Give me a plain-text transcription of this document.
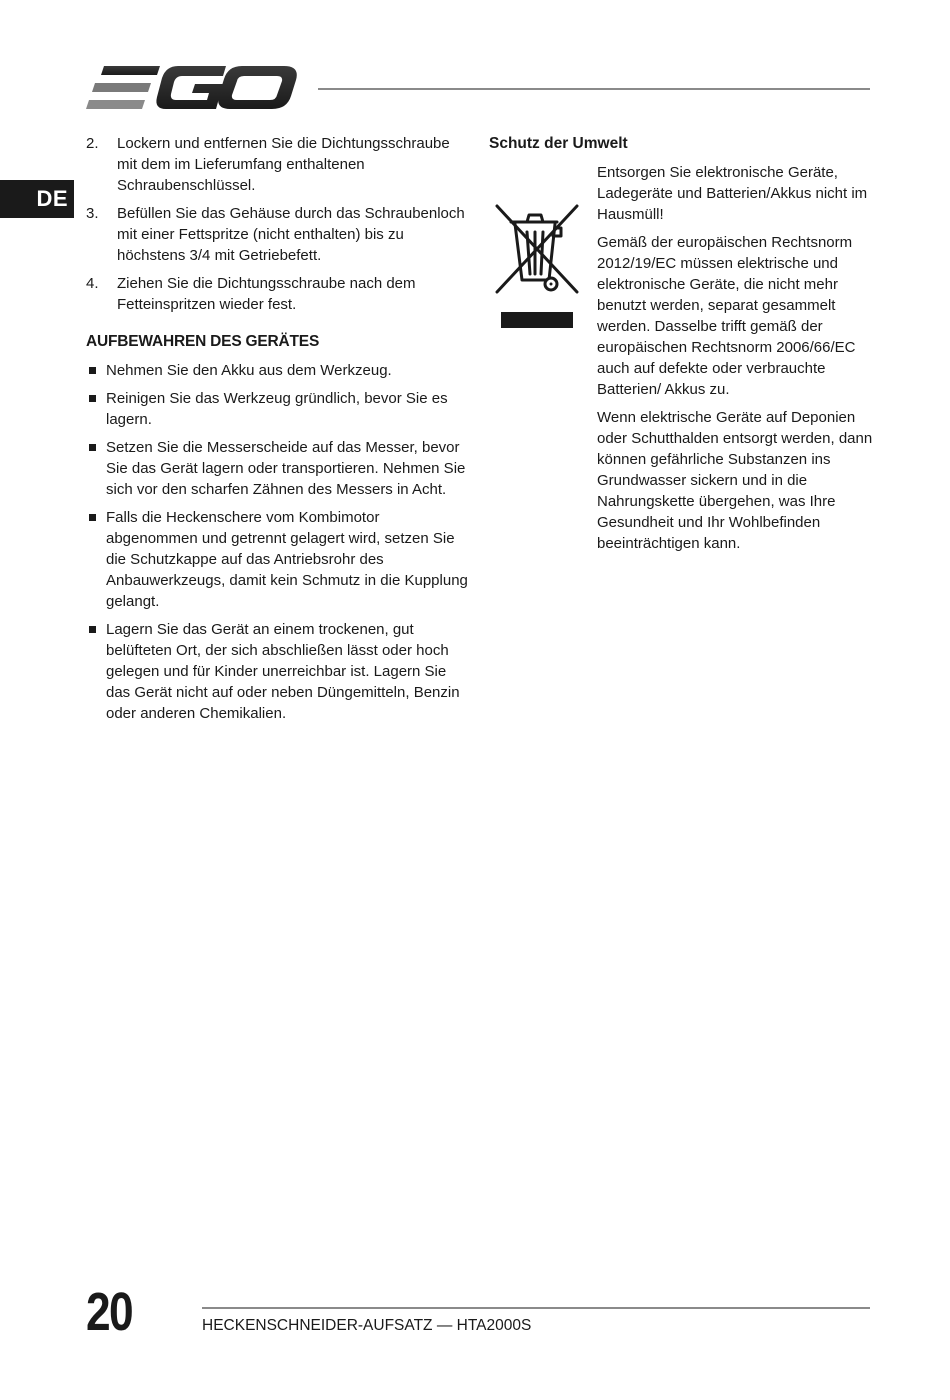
DE
2. Lockern und entfernen Sie die Dichtungsschraube mit dem im Lieferumfang enthaltenen Schraubenschlüssel.
3. Befüllen Sie das Gehäuse durch das Schraubenloch mit einer Fettspritze (nicht enthalten) bis zu höchstens 3/4 mit Getriebefett.
4. Ziehen Sie die Dichtungsschraube nach dem Fetteinspritzen wieder fest.
AUFBEWAHREN DES GERÄTES
Nehmen Sie den Akku aus dem Werkzeug.
Reinigen Sie das Werkzeug gründlich, bevor Sie es lagern.
Setzen Sie die Messerscheide auf das Messer, bevor Sie das Gerät lagern oder transportieren. Nehmen Sie sich vor den scharfen Zähnen des Messers in Acht.
Falls die Heckenschere vom Kombimotor abgenommen und getrennt gelagert wird, setzen Sie die Schutzkappe auf das Antriebsrohr des Anbauwerkzeugs, damit kein Schmutz in die Kupplung gelangt.
Lagern Sie das Gerät an einem trockenen, gut belüfteten Ort, der sich abschließen lässt oder hoch gelegen und für Kinder unerreichbar ist. Lagern Sie das Gerät nicht auf oder neben Düngemitteln, Benzin oder anderen Chemikalien.
Schutz der Umwelt

Entsorgen Sie elektronische Geräte, Ladegeräte und Batterien/Akkus nicht im Hausmüll!

Gemäß der europäischen Rechtsnorm 2012/19/EC müssen elektrische und elektronische Geräte, die nicht mehr benutzt werden, separat gesammelt werden. Dasselbe trifft gemäß der europäischen Rechtsnorm 2006/66/EC auch auf defekte oder verbrauchte Batterien/ Akkus zu.

Wenn elektrische Geräte auf Deponien oder Schutthalden entsorgt werden, dann können gefährliche Substanzen ins Grundwasser sickern und in die Nahrungskette übergehen, was Ihre Gesundheit und Ihr Wohlbefinden beeinträchtigen kann.

20	HECKENSCHNEIDER-AUFSATZ — HTA2000S
